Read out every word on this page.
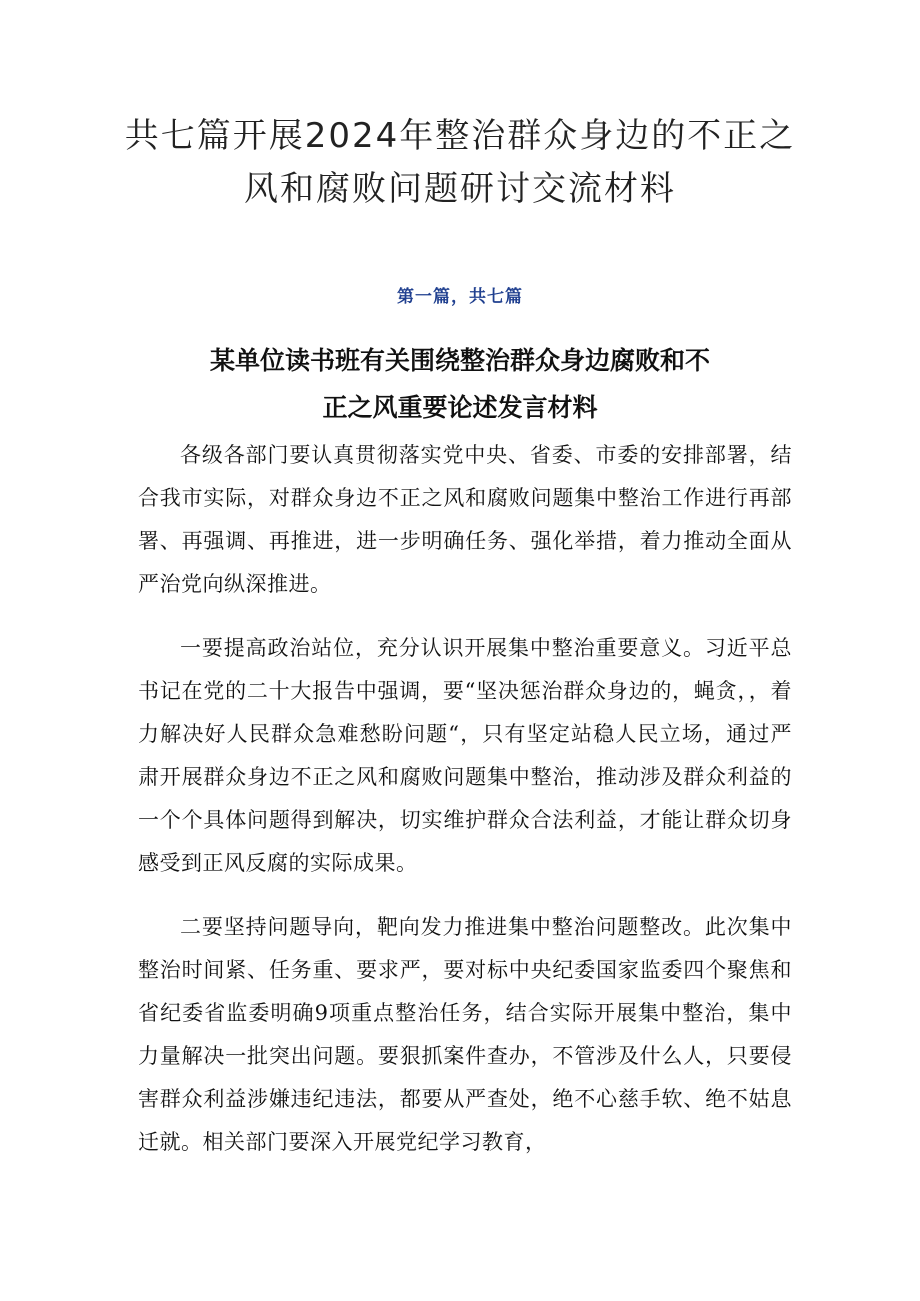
共七篇开展2024年整治群众身边的不正之
风和腐败问题研讨交流材料
第一篇，共七篇
某单位读书班有关围绕整治群众身边腐败和不
正之风重要论述发言材料

各级各部门要认真贯彻落实党中央、省委、市委的安排部署，结合我市实际，对群众身边不正之风和腐败问题集中整治工作进行再部署、再强调、再推进，进一步明确任务、强化举措，着力推动全面从严治党向纵深推进。

一要提高政治站位，充分认识开展集中整治重要意义。习近平总书记在党的二十大报告中强调，要“坚决惩治群众身边的，蝇贪，，着力解决好人民群众急难愁盼问题“，只有坚定站稳人民立场，通过严肃开展群众身边不正之风和腐败问题集中整治，推动涉及群众利益的一个个具体问题得到解决，切实维护群众合法利益，才能让群众切身感受到正风反腐的实际成果。

二要坚持问题导向，靶向发力推进集中整治问题整改。此次集中整治时间紧、任务重、要求严，要对标中央纪委国家监委四个聚焦和省纪委省监委明确9项重点整治任务，结合实际开展集中整治，集中力量解决一批突出问题。要狠抓案件查办，不管涉及什么人，只要侵害群众利益涉嫌违纪违法，都要从严查处，绝不心慈手软、绝不姑息迁就。相关部门要深入开展党纪学习教育，
